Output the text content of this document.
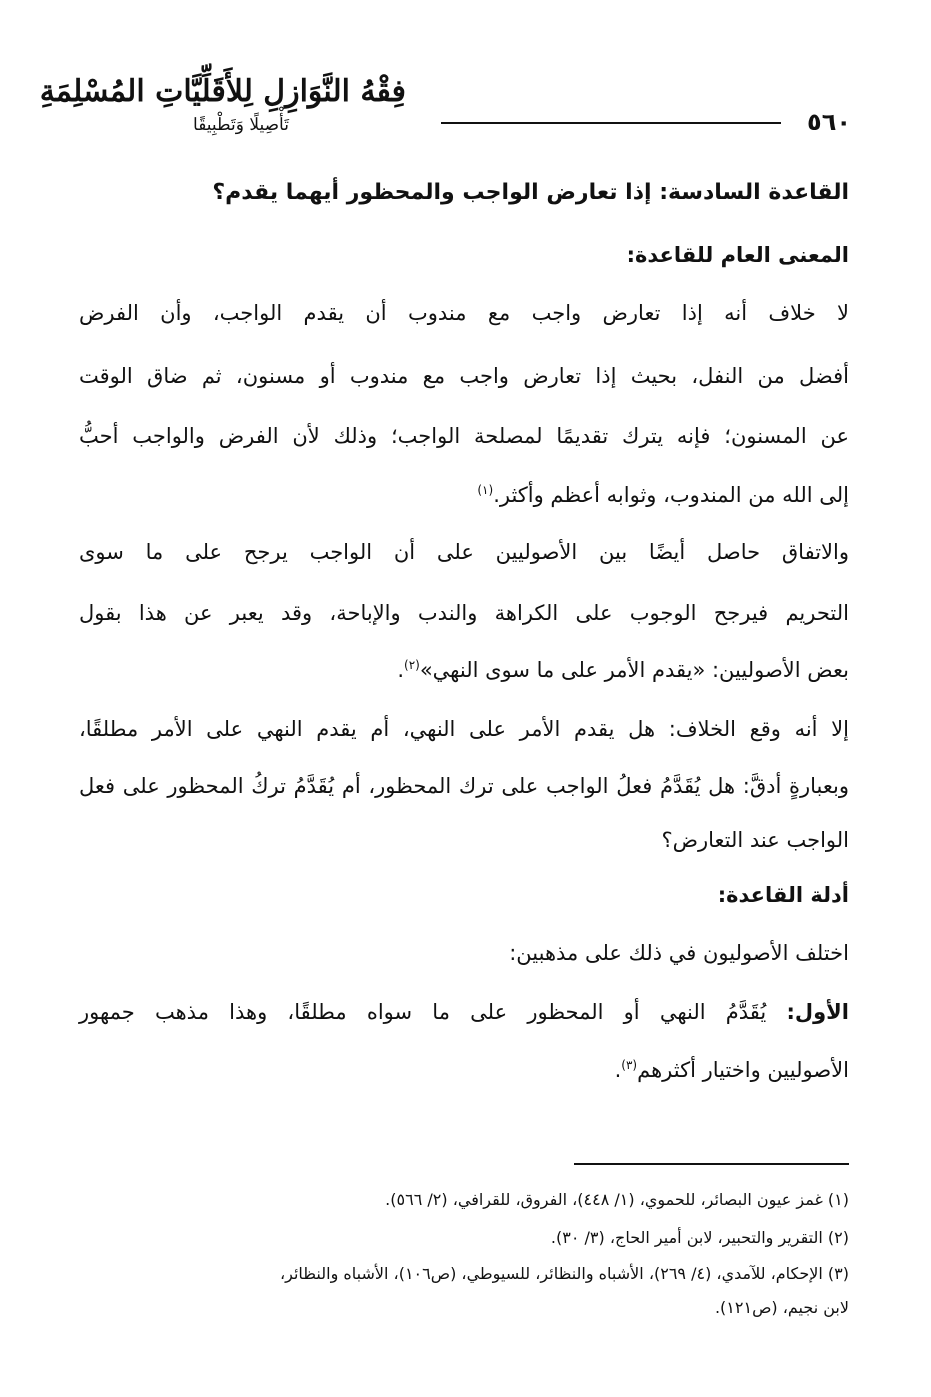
٥٦٠
فِقْهُ النَّوَازِلِ لِلأَقَلِّيَّاتِ المُسْلِمَةِ
تَأْصِيلًا وَتَطْبِيقًا
القاعدة السادسة: إذا تعارض الواجب والمحظور أيهما يقدم؟
المعنى العام للقاعدة:
لا خلاف أنه إذا تعارض واجب مع مندوب أن يقدم الواجب، وأن الفرض
أفضل من النفل، بحيث إذا تعارض واجب مع مندوب أو مسنون، ثم ضاق الوقت
عن المسنون؛ فإنه يترك تقديمًا لمصلحة الواجب؛ وذلك لأن الفرض والواجب أحبُّ
إلى الله من المندوب، وثوابه أعظم وأكثر.$^{(١)}$
والاتفاق حاصل أيضًا بين الأصوليين على أن الواجب يرجح على ما سوى
التحريم فيرجح الوجوب على الكراهة والندب والإباحة، وقد يعبر عن هذا بقول
بعض الأصوليين: «يقدم الأمر على ما سوى النهي»$^{(٢)}$.
إلا أنه وقع الخلاف: هل يقدم الأمر على النهي، أم يقدم النهي على الأمر مطلقًا،
وبعبارةٍ أدقَّ: هل يُقَدَّمُ فعلُ الواجب على ترك المحظور، أم يُقَدَّمُ تركُ المحظور على فعل
الواجب عند التعارض؟
أدلة القاعدة:
اختلف الأصوليون في ذلك على مذهبين:
الأول: يُقَدَّمُ النهي أو المحظور على ما سواه مطلقًا، وهذا مذهب جمهور
الأصوليين واختيار أكثرهم$^{(٣)}$.
(١) غمز عيون البصائر، للحموي، (١/ ٤٤٨)، الفروق، للقرافي، (٢/ ٥٦٦).
(٢) التقرير والتحبير، لابن أمير الحاج، (٣/ ٣٠).
(٣) الإحكام، للآمدي، (٤/ ٢٦٩)، الأشباه والنظائر، للسيوطي، (ص١٠٦)، الأشباه والنظائر،
لابن نجيم، (ص١٢١).
